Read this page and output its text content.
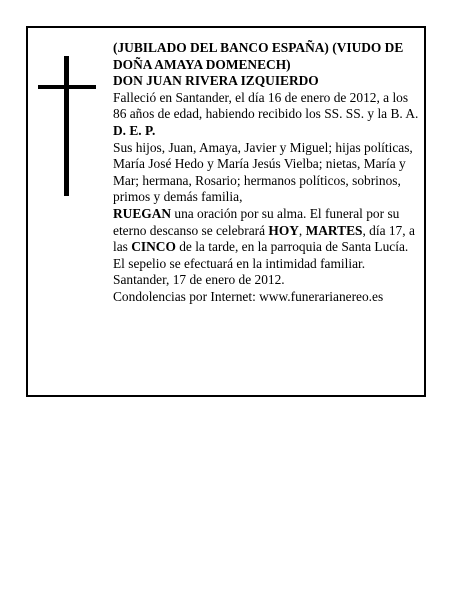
(JUBILADO DEL BANCO ESPAÑA) (VIUDO DE DOÑA AMAYA DOMENECH)

DON JUAN RIVERA IZQUIERDO

Falleció en Santander, el día 16 de enero de 2012, a los 86 años de edad, habiendo recibido los SS. SS. y la B. A.

D. E. P.

Sus hijos, Juan, Amaya, Javier y Miguel; hijas políticas, María José Hedo y María Jesús Vielba; nietas, María y Mar; hermana, Rosario; hermanos políticos, sobrinos, primos y demás familia,

RUEGAN una oración por su alma. El funeral por su eterno descanso se celebrará HOY, MARTES, día 17, a las CINCO de la tarde, en la parroquia de Santa Lucía.

El sepelio se efectuará en la intimidad familiar.

Santander, 17 de enero de 2012.

Condolencias por Internet: www.funerarianereo.es
